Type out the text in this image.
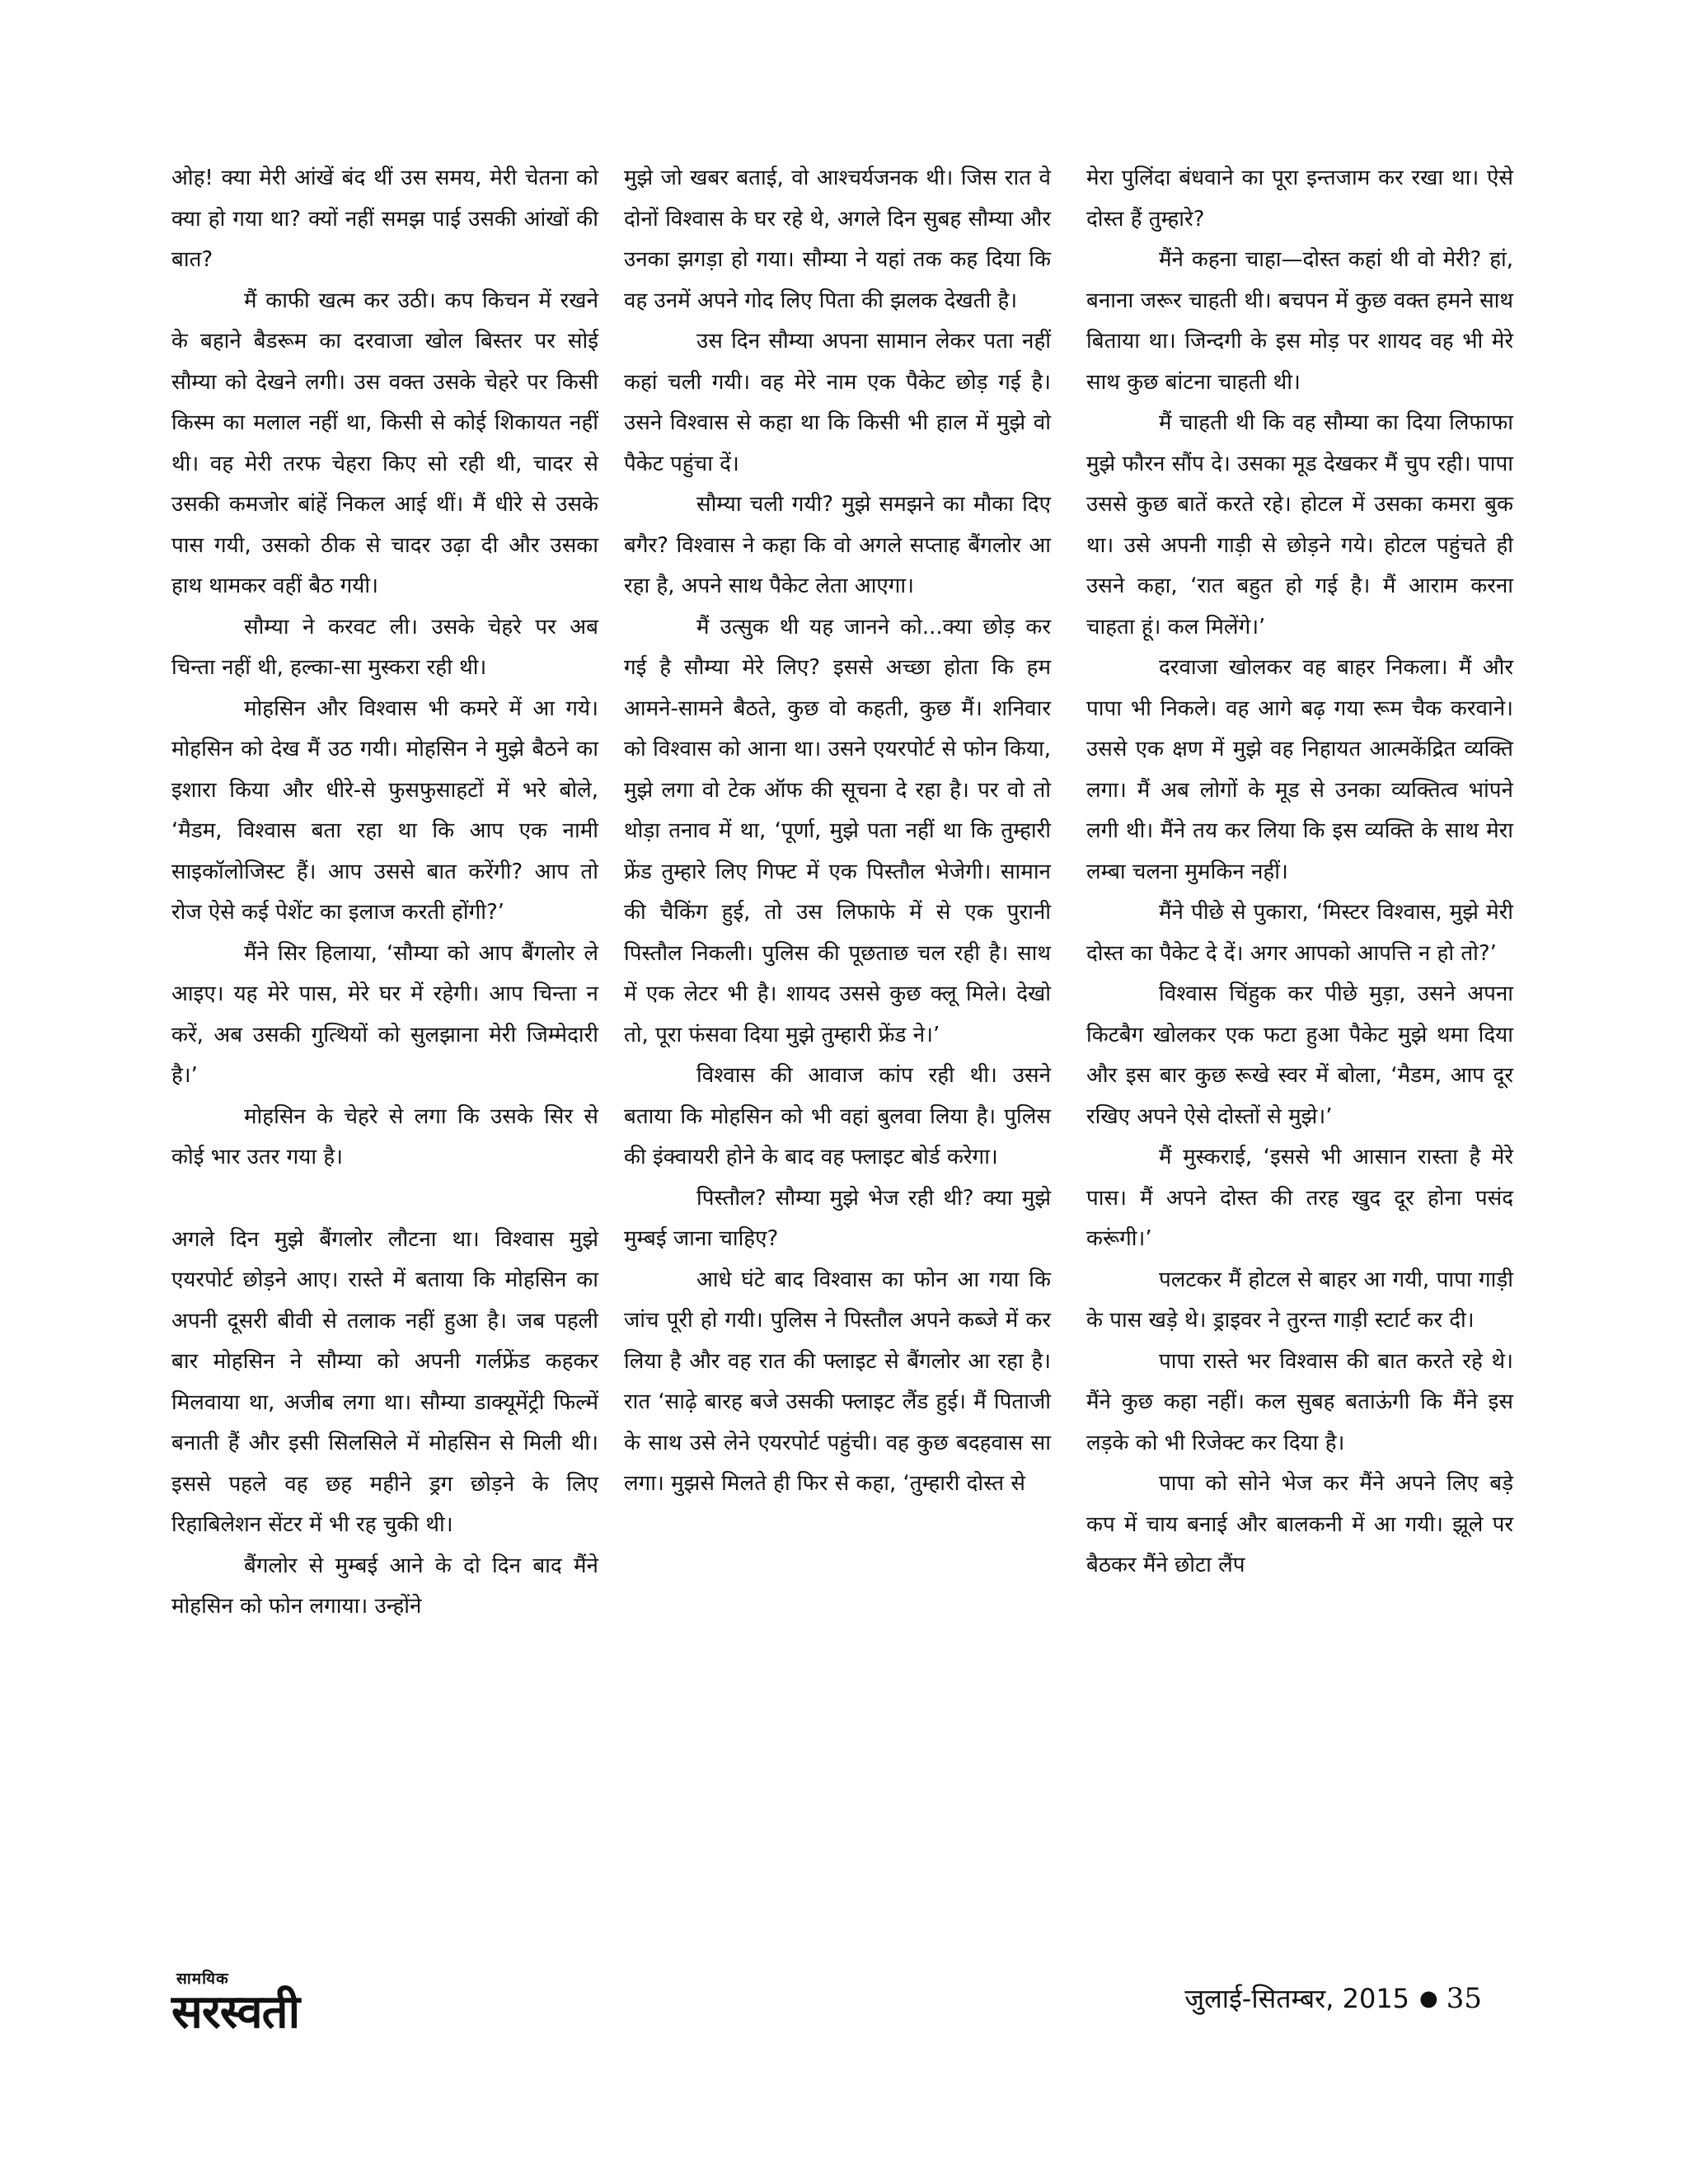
ओह! क्या मेरी आंखें बंद थीं उस समय, मेरी चेतना को क्या हो गया था? क्यों नहीं समझ पाई उसकी आंखों की बात?

मैं काफी खत्म कर उठी। कप किचन में रखने के बहाने बैडरूम का दरवाजा खोल बिस्तर पर सोई सौम्या को देखने लगी। उस वक्त उसके चेहरे पर किसी किस्म का मलाल नहीं था, किसी से कोई शिकायत नहीं थी। वह मेरी तरफ चेहरा किए सो रही थी, चादर से उसकी कमजोर बांहें निकल आई थीं। मैं धीरे से उसके पास गयी, उसको ठीक से चादर उढ़ा दी और उसका हाथ थामकर वहीं बैठ गयी।

सौम्या ने करवट ली। उसके चेहरे पर अब चिन्ता नहीं थी, हल्का-सा मुस्करा रही थी।

मोहसिन और विश्वास भी कमरे में आ गये। मोहसिन को देख मैं उठ गयी। मोहसिन ने मुझे बैठने का इशारा किया और धीरे-से फुसफुसाहटों में भरे बोले, ‘मैडम, विश्वास बता रहा था कि आप एक नामी साइकॉलोजिस्ट हैं। आप उससे बात करेंगी? आप तो रोज ऐसे कई पेशेंट का इलाज करती होंगी?’

मैंने सिर हिलाया, ‘सौम्या को आप बैंगलोर ले आइए। यह मेरे पास, मेरे घर में रहेगी। आप चिन्ता न करें, अब उसकी गुत्थियों को सुलझाना मेरी जिम्मेदारी है।’

मोहसिन के चेहरे से लगा कि उसके सिर से कोई भार उतर गया है।

अगले दिन मुझे बैंगलोर लौटना था। विश्वास मुझे एयरपोर्ट छोड़ने आए। रास्ते में बताया कि मोहसिन का अपनी दूसरी बीवी से तलाक नहीं हुआ है। जब पहली बार मोहसिन ने सौम्या को अपनी गर्लफ्रेंड कहकर मिलवाया था, अजीब लगा था। सौम्या डाक्यूमेंट्री फिल्में बनाती हैं और इसी सिलसिले में मोहसिन से मिली थी। इससे पहले वह छह महीने ड्रग छोड़ने के लिए रिहाबिलेशन सेंटर में भी रह चुकी थी।

बैंगलोर से मुम्बई आने के दो दिन बाद मैंने मोहसिन को फोन लगाया। उन्होंने

मुझे जो खबर बताई, वो आश्चर्यजनक थी। जिस रात वे दोनों विश्वास के घर रहे थे, अगले दिन सुबह सौम्या और उनका झगड़ा हो गया। सौम्या ने यहां तक कह दिया कि वह उनमें अपने गोद लिए पिता की झलक देखती है।

उस दिन सौम्या अपना सामान लेकर पता नहीं कहां चली गयी। वह मेरे नाम एक पैकेट छोड़ गई है। उसने विश्वास से कहा था कि किसी भी हाल में मुझे वो पैकेट पहुंचा दें।

सौम्या चली गयी? मुझे समझने का मौका दिए बगैर? विश्वास ने कहा कि वो अगले सप्ताह बैंगलोर आ रहा है, अपने साथ पैकेट लेता आएगा।

मैं उत्सुक थी यह जानने को...क्या छोड़ कर गई है सौम्या मेरे लिए? इससे अच्छा होता कि हम आमने-सामने बैठते, कुछ वो कहती, कुछ मैं। शनिवार को विश्वास को आना था। उसने एयरपोर्ट से फोन किया, मुझे लगा वो टेक ऑफ की सूचना दे रहा है। पर वो तो थोड़ा तनाव में था, ‘पूर्णा, मुझे पता नहीं था कि तुम्हारी फ्रेंड तुम्हारे लिए गिफ्ट में एक पिस्तौल भेजेगी। सामान की चैकिंग हुई, तो उस लिफाफे में से एक पुरानी पिस्तौल निकली। पुलिस की पूछताछ चल रही है। साथ में एक लेटर भी है। शायद उससे कुछ क्लू मिले। देखो तो, पूरा फंसवा दिया मुझे तुम्हारी फ्रेंड ने।’

विश्वास की आवाज कांप रही थी। उसने बताया कि मोहसिन को भी वहां बुलवा लिया है। पुलिस की इंक्वायरी होने के बाद वह फ्लाइट बोर्ड करेगा।

पिस्तौल? सौम्या मुझे भेज रही थी? क्या मुझे मुम्बई जाना चाहिए?

आधे घंटे बाद विश्वास का फोन आ गया कि जांच पूरी हो गयी। पुलिस ने पिस्तौल अपने कब्जे में कर लिया है और वह रात की फ्लाइट से बैंगलोर आ रहा है। रात ‘साढ़े बारह बजे उसकी फ्लाइट लैंड हुई। मैं पिताजी के साथ उसे लेने एयरपोर्ट पहुंची। वह कुछ बदहवास सा लगा। मुझसे मिलते ही फिर से कहा, ‘तुम्हारी दोस्त से

मेरा पुलिंदा बंधवाने का पूरा इन्तजाम कर रखा था। ऐसे दोस्त हैं तुम्हारे?

मैंने कहना चाहा—दोस्त कहां थी वो मेरी? हां, बनाना जरूर चाहती थी। बचपन में कुछ वक्त हमने साथ बिताया था। जिन्दगी के इस मोड़ पर शायद वह भी मेरे साथ कुछ बांटना चाहती थी।

मैं चाहती थी कि वह सौम्या का दिया लिफाफा मुझे फौरन सौंप दे। उसका मूड देखकर मैं चुप रही। पापा उससे कुछ बातें करते रहे। होटल में उसका कमरा बुक था। उसे अपनी गाड़ी से छोड़ने गये। होटल पहुंचते ही उसने कहा, ‘रात बहुत हो गई है। मैं आराम करना चाहता हूं। कल मिलेंगे।’

दरवाजा खोलकर वह बाहर निकला। मैं और पापा भी निकले। वह आगे बढ़ गया रूम चैक करवाने। उससे एक क्षण में मुझे वह निहायत आत्मकेंद्रित व्यक्ति लगा। मैं अब लोगों के मूड से उनका व्यक्तित्व भांपने लगी थी। मैंने तय कर लिया कि इस व्यक्ति के साथ मेरा लम्बा चलना मुमकिन नहीं।

मैंने पीछे से पुकारा, ‘मिस्टर विश्वास, मुझे मेरी दोस्त का पैकेट दे दें। अगर आपको आपत्ति न हो तो?’

विश्वास चिंहुक कर पीछे मुड़ा, उसने अपना किटबैग खोलकर एक फटा हुआ पैकेट मुझे थमा दिया और इस बार कुछ रूखे स्वर में बोला, ‘मैडम, आप दूर रखिए अपने ऐसे दोस्तों से मुझे।’

मैं मुस्कराई, ‘इससे भी आसान रास्ता है मेरे पास। मैं अपने दोस्त की तरह खुद दूर होना पसंद करूंगी।’

पलटकर मैं होटल से बाहर आ गयी, पापा गाड़ी के पास खड़े थे। ड्राइवर ने तुरन्त गाड़ी स्टार्ट कर दी।

पापा रास्ते भर विश्वास की बात करते रहे थे। मैंने कुछ कहा नहीं। कल सुबह बताऊंगी कि मैंने इस लड़के को भी रिजेक्ट कर दिया है।

पापा को सोने भेज कर मैंने अपने लिए बड़े कप में चाय बनाई और बालकनी में आ गयी। झूले पर बैठकर मैंने छोटा लैंप

सामयिक
सरस्वती	जुलाई-सितम्बर, 2015 ● 35
